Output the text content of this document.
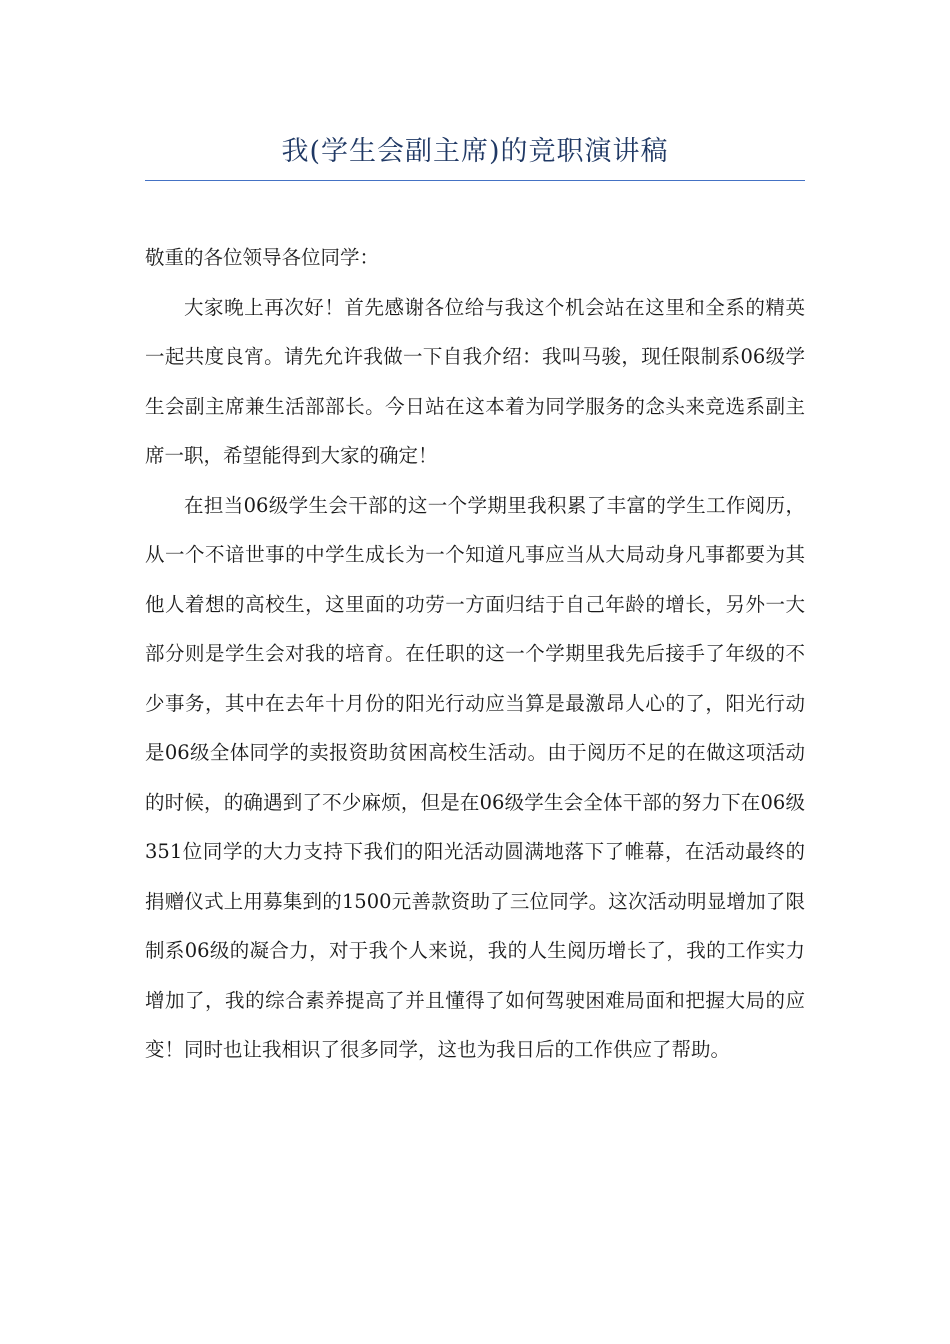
我(学生会副主席)的竞职演讲稿

敬重的各位领导各位同学：

大家晚上再次好！首先感谢各位给与我这个机会站在这里和全系的精英一起共度良宵。请先允许我做一下自我介绍：我叫马骏，现任限制系06级学生会副主席兼生活部部长。今日站在这本着为同学服务的念头来竞选系副主席一职，希望能得到大家的确定！

在担当06级学生会干部的这一个学期里我积累了丰富的学生工作阅历，从一个不谙世事的中学生成长为一个知道凡事应当从大局动身凡事都要为其他人着想的高校生，这里面的功劳一方面归结于自己年龄的增长，另外一大部分则是学生会对我的培育。在任职的这一个学期里我先后接手了年级的不少事务，其中在去年十月份的阳光行动应当算是最激昂人心的了，阳光行动是06级全体同学的卖报资助贫困高校生活动。由于阅历不足的在做这项活动的时候，的确遇到了不少麻烦，但是在06级学生会全体干部的努力下在06级351位同学的大力支持下我们的阳光活动圆满地落下了帷幕，在活动最终的捐赠仪式上用募集到的1500元善款资助了三位同学。这次活动明显增加了限制系06级的凝合力，对于我个人来说，我的人生阅历增长了，我的工作实力增加了，我的综合素养提高了并且懂得了如何驾驶困难局面和把握大局的应变！同时也让我相识了很多同学，这也为我日后的工作供应了帮助。
